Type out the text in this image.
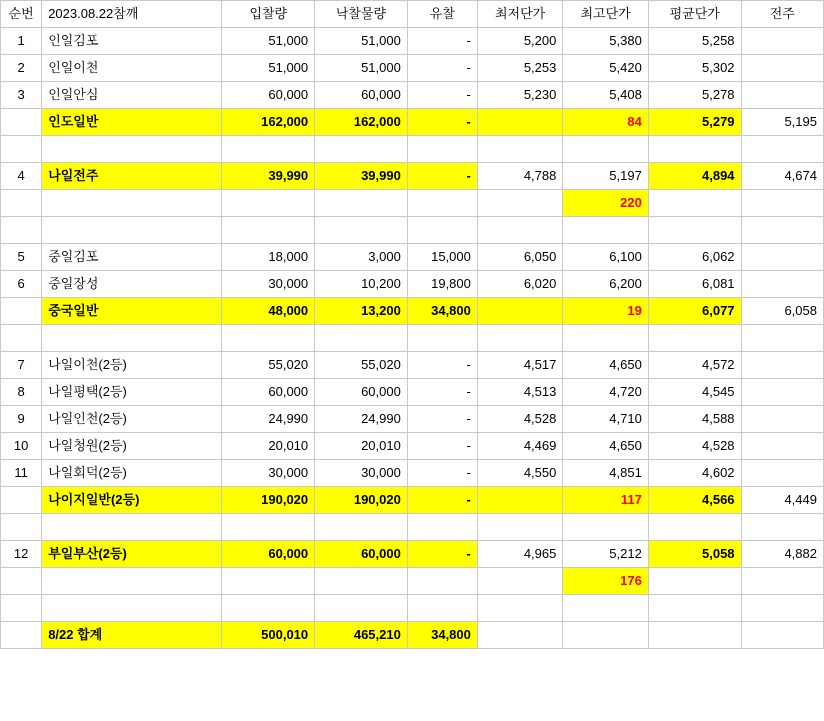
순번	2023.08.22참깨	입찰량	낙찰물량	유찰	최저단가	최고단가	평균단가	전주
1	인일김포	51,000	51,000	-	5,200	5,380	5,258	
2	인일이천	51,000	51,000	-	5,253	5,420	5,302	
3	인일안심	60,000	60,000	-	5,230	5,408	5,278	
	인도일반	162,000	162,000	-		84	5,279	5,195

4	나일전주	39,990	39,990	-	4,788	5,197	4,894	4,674
						220		

5	중일김포	18,000	3,000	15,000	6,050	6,100	6,062	
6	중일장성	30,000	10,200	19,800	6,020	6,200	6,081	
	중국일반	48,000	13,200	34,800		19	6,077	6,058

7	나일이천(2등)	55,020	55,020	-	4,517	4,650	4,572	
8	나일평택(2등)	60,000	60,000	-	4,513	4,720	4,545	
9	나일인천(2등)	24,990	24,990	-	4,528	4,710	4,588	
10	나일청원(2등)	20,010	20,010	-	4,469	4,650	4,528	
11	나일회덕(2등)	30,000	30,000	-	4,550	4,851	4,602	
	나이지일반(2등)	190,020	190,020	-		117	4,566	4,449

12	부일부산(2등)	60,000	60,000	-	4,965	5,212	5,058	4,882
						176		

	8/22 합계	500,010	465,210	34,800				
